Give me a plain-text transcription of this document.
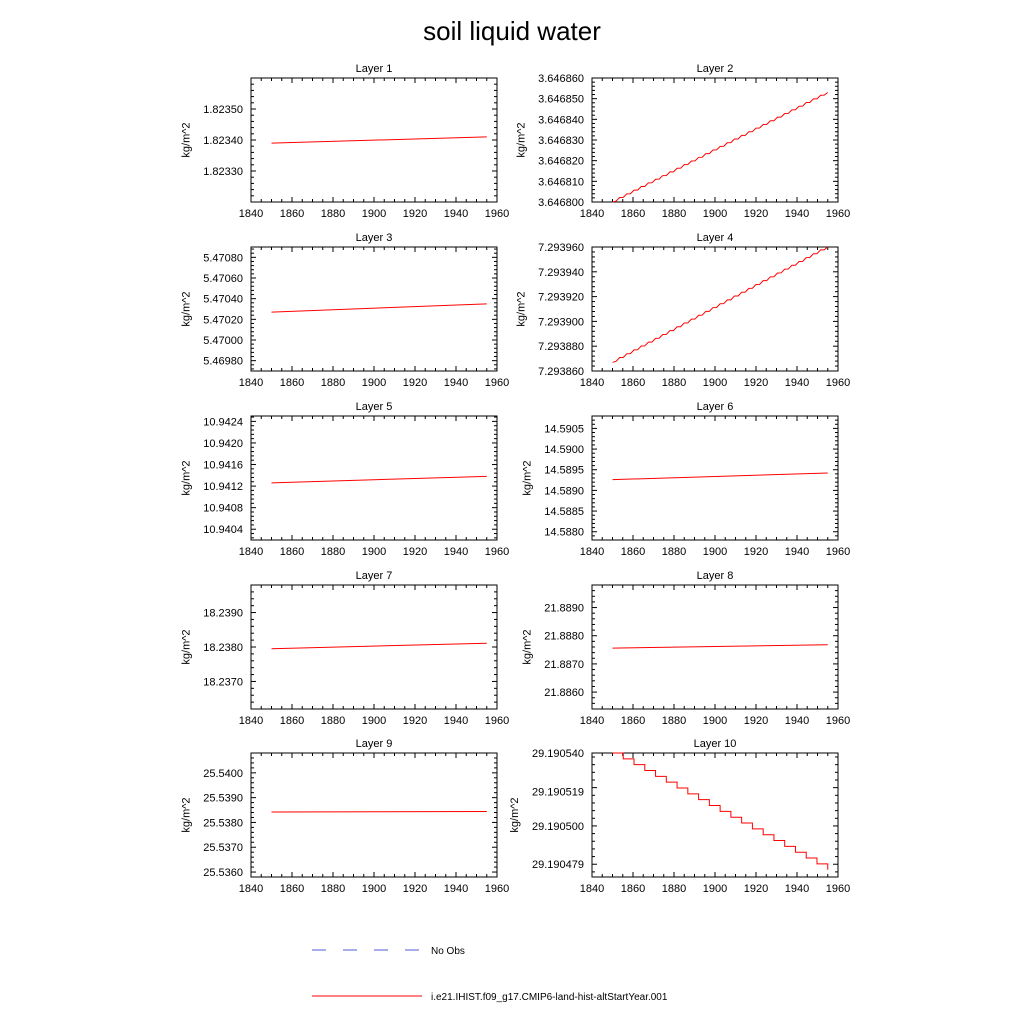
soil liquid water
Layer 1
1840 1860 1880 1900 1920 1940 1960
1.82330
1.82340
1.82350
kg/m^2
Layer 2
1840 1860 1880 1900 1920 1940 1960
3.646800
3.646810
3.646820
3.646830
3.646840
3.646850
3.646860
kg/m^2
Layer 3
1840 1860 1880 1900 1920 1940 1960
5.46980
5.47000
5.47020
5.47040
5.47060
5.47080
kg/m^2
Layer 4
1840 1860 1880 1900 1920 1940 1960
7.293860
7.293880
7.293900
7.293920
7.293940
7.293960
kg/m^2
Layer 5
1840 1860 1880 1900 1920 1940 1960
10.9404
10.9408
10.9412
10.9416
10.9420
10.9424
kg/m^2
Layer 6
1840 1860 1880 1900 1920 1940 1960
14.5880
14.5885
14.5890
14.5895
14.5900
14.5905
kg/m^2
Layer 7
1840 1860 1880 1900 1920 1940 1960
18.2370
18.2380
18.2390
kg/m^2
Layer 8
1840 1860 1880 1900 1920 1940 1960
21.8860
21.8870
21.8880
21.8890
kg/m^2
Layer 9
1840 1860 1880 1900 1920 1940 1960
25.5360
25.5370
25.5380
25.5390
25.5400
kg/m^2
Layer 10
1840 1860 1880 1900 1920 1940 1960
29.190479
29.190500
29.190519
29.190540
kg/m^2
No Obs
i.e21.IHIST.f09_g17.CMIP6-land-hist-altStartYear.001
